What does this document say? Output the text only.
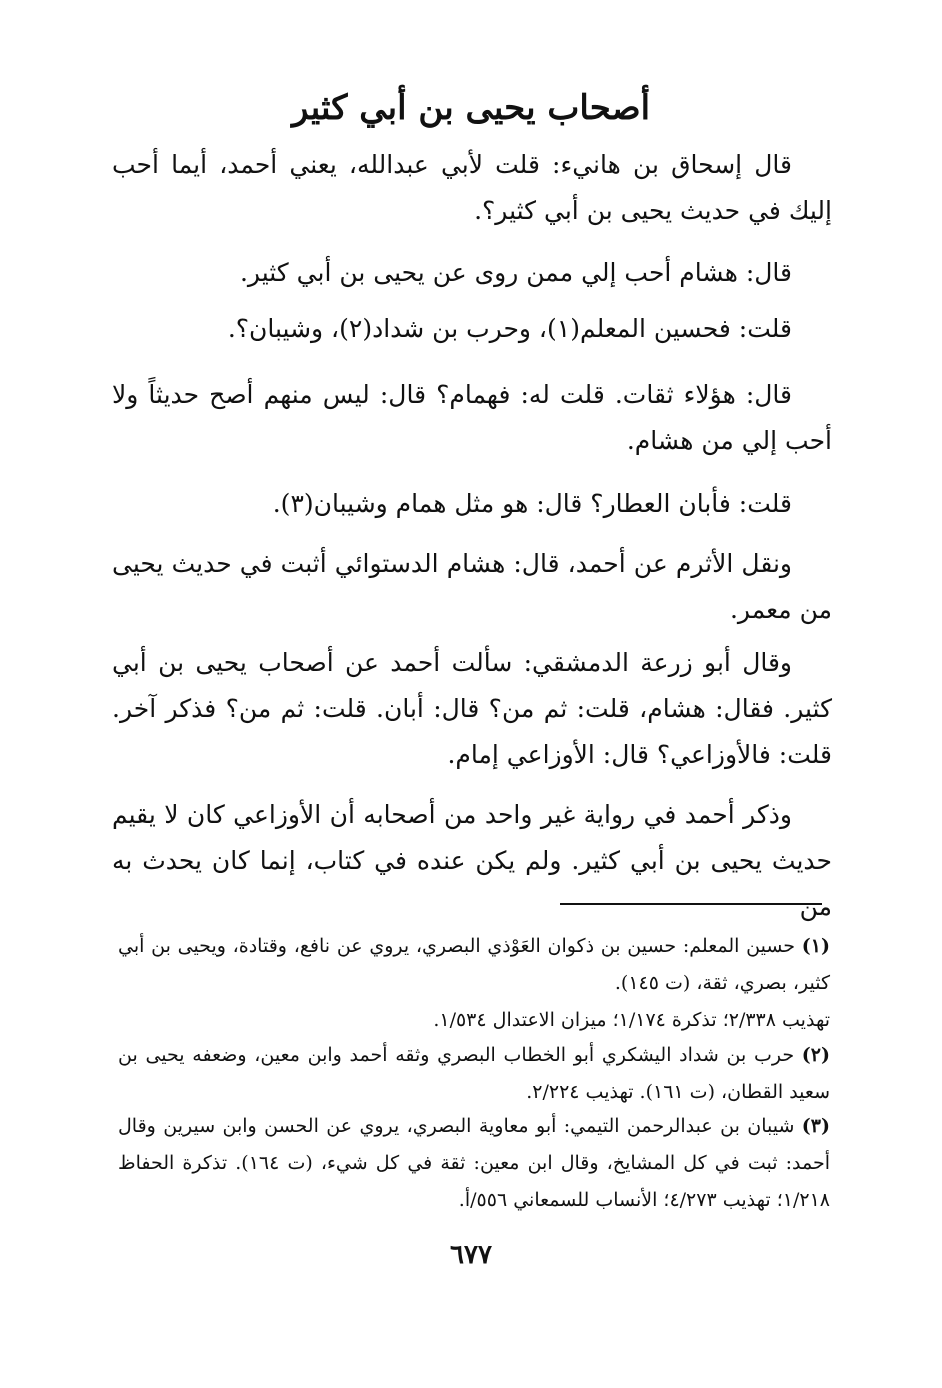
أصحاب يحيى بن أبي كثير
قال إسحاق بن هانيء: قلت لأبي عبدالله، يعني أحمد، أيما أحب إليك في حديث يحيى بن أبي كثير؟.
قال: هشام أحب إلي ممن روى عن يحيى بن أبي كثير.
قلت: فحسين المعلم(١)، وحرب بن شداد(٢)، وشيبان؟.
قال: هؤلاء ثقات. قلت له: فهمام؟ قال: ليس منهم أصح حديثاً ولا أحب إلي من هشام.
قلت: فأبان العطار؟ قال: هو مثل همام وشيبان(٣).
ونقل الأثرم عن أحمد، قال: هشام الدستوائي أثبت في حديث يحيى من معمر.
وقال أبو زرعة الدمشقي: سألت أحمد عن أصحاب يحيى بن أبي كثير. فقال: هشام، قلت: ثم من؟ قال: أبان. قلت: ثم من؟ فذكر آخر. قلت: فالأوزاعي؟ قال: الأوزاعي إمام.
وذكر أحمد في رواية غير واحد من أصحابه أن الأوزاعي كان لا يقيم حديث يحيى بن أبي كثير. ولم يكن عنده في كتاب، إنما كان يحدث به من
(١) حسين المعلم: حسين بن ذكوان العَوْذي البصري، يروي عن نافع، وقتادة، ويحيى بن أبي كثير، بصري، ثقة، (ت ١٤٥).
تهذيب ٢/٣٣٨؛ تذكرة ١/١٧٤؛ ميزان الاعتدال ١/٥٣٤.
(٢) حرب بن شداد اليشكري أبو الخطاب البصري وثقه أحمد وابن معين، وضعفه يحيى بن سعيد القطان، (ت ١٦١). تهذيب ٢/٢٢٤.
(٣) شيبان بن عبدالرحمن التيمي: أبو معاوية البصري، يروي عن الحسن وابن سيرين وقال أحمد: ثبت في كل المشايخ، وقال ابن معين: ثقة في كل شيء، (ت ١٦٤). تذكرة الحفاظ ١/٢١٨؛ تهذيب ٤/٢٧٣؛ الأنساب للسمعاني ٥٥٦/أ.
٦٧٧
